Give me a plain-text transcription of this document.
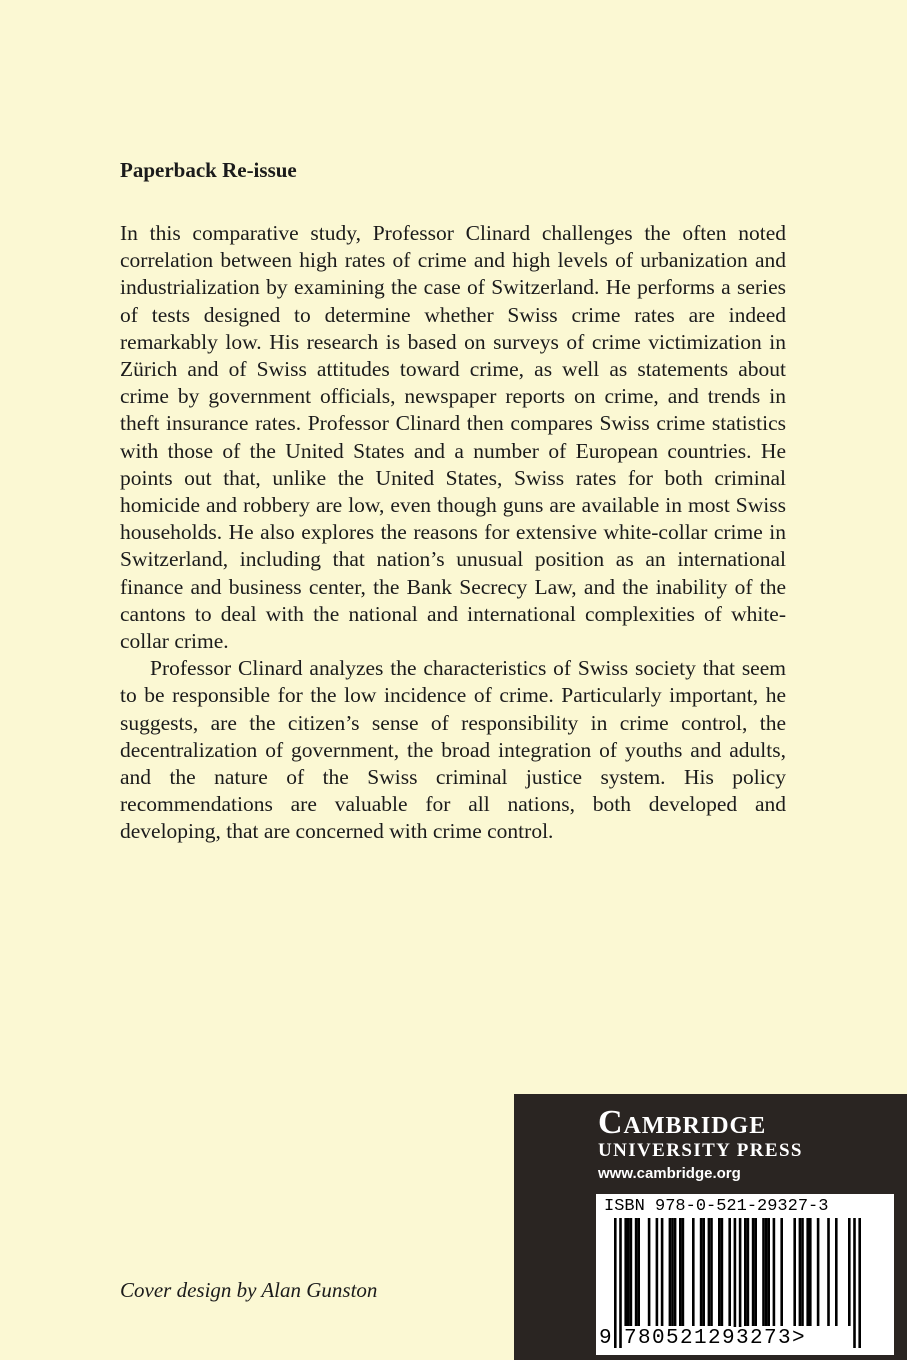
Paperback Re-issue

In this comparative study, Professor Clinard challenges the often noted correlation between high rates of crime and high levels of urbanization and industrialization by examining the case of Switzerland. He performs a series of tests designed to determine whether Swiss crime rates are indeed remarkably low. His research is based on surveys of crime victimization in Zürich and of Swiss attitudes toward crime, as well as statements about crime by government officials, newspaper reports on crime, and trends in theft insurance rates. Professor Clinard then compares Swiss crime statistics with those of the United States and a number of European countries. He points out that, unlike the United States, Swiss rates for both criminal homicide and robbery are low, even though guns are available in most Swiss households. He also explores the reasons for extensive white-collar crime in Switzerland, including that nation’s unusual position as an international finance and business center, the Bank Secrecy Law, and the inability of the cantons to deal with the national and international complexities of white-collar crime.

Professor Clinard analyzes the characteristics of Swiss society that seem to be responsible for the low incidence of crime. Particularly important, he suggests, are the citizen’s sense of responsibility in crime control, the decentralization of government, the broad integration of youths and adults, and the nature of the Swiss criminal justice system. His policy recommendations are valuable for all nations, both developed and developing, that are concerned with crime control.

Cover design by Alan Gunston
Cambridge
UNIVERSITY PRESS
www.cambridge.org
ISBN 978-0-521-29327-3
9 780521293273>
